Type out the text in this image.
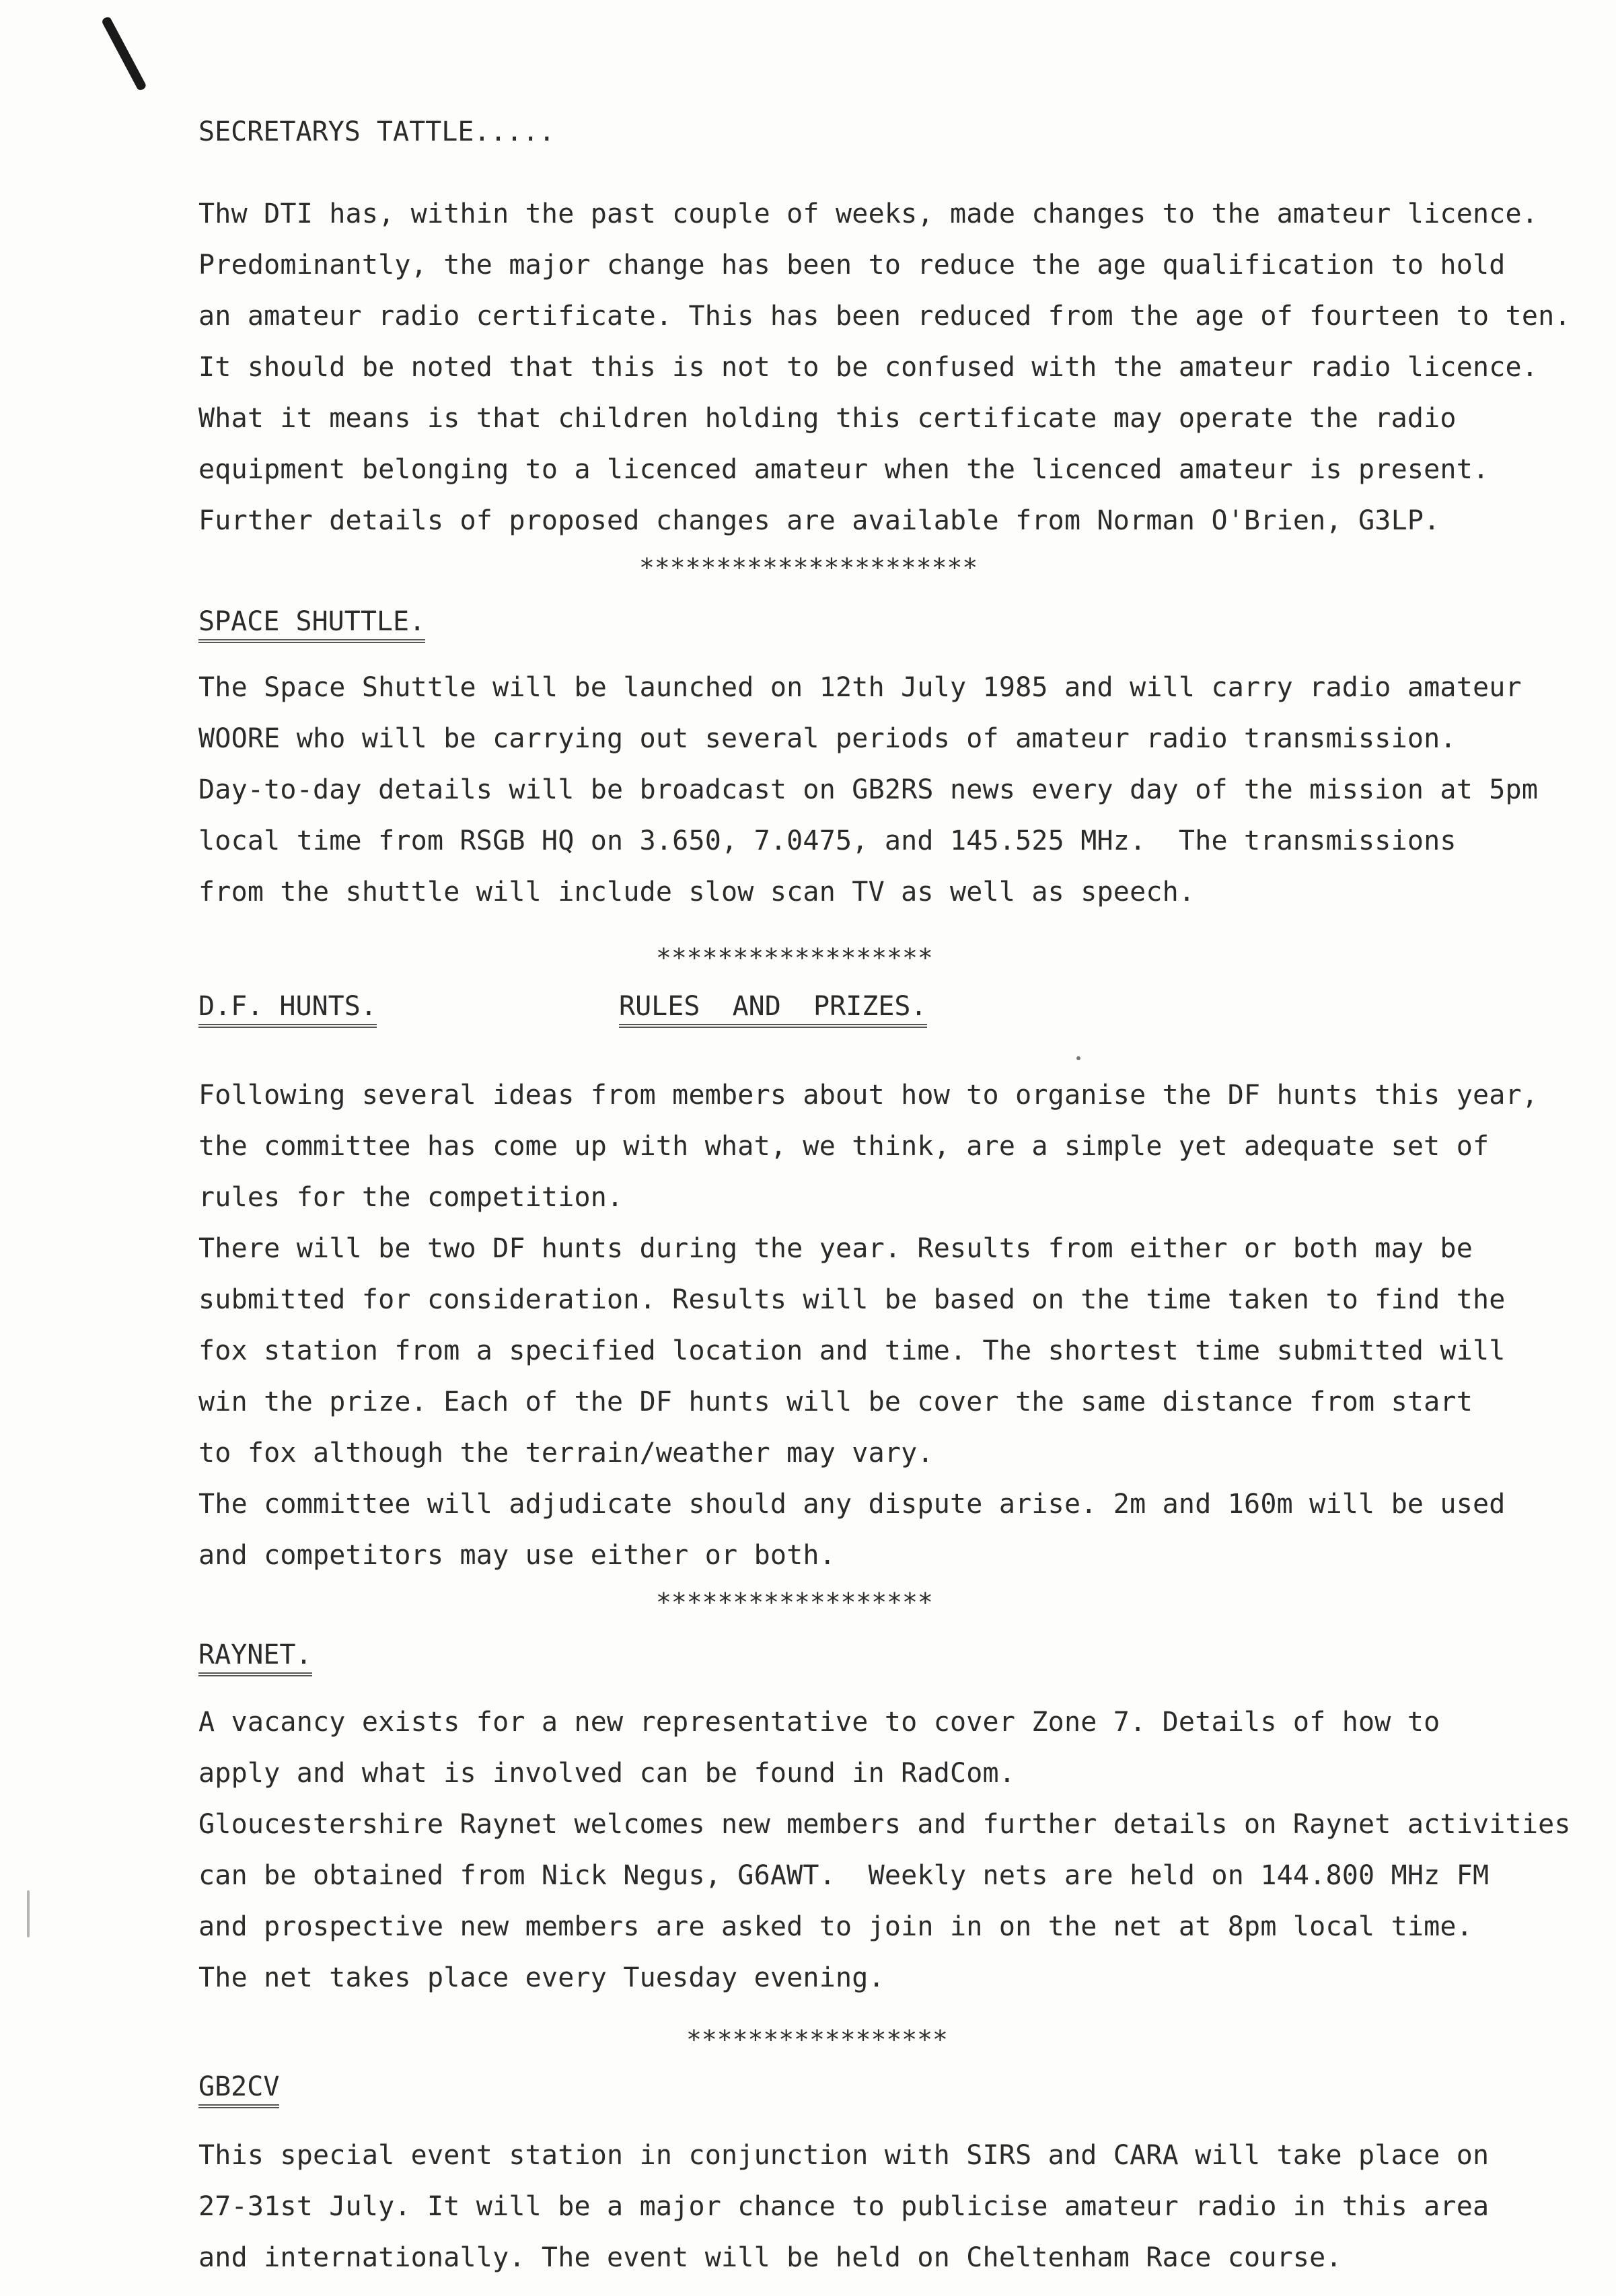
SECRETARYS TATTLE.....
Thw DTI has, within the past couple of weeks, made changes to the amateur licence.
Predominantly, the major change has been to reduce the age qualification to hold
an amateur radio certificate. This has been reduced from the age of fourteen to ten.
It should be noted that this is not to be confused with the amateur radio licence.
What it means is that children holding this certificate may operate the radio
equipment belonging to a licenced amateur when the licenced amateur is present.
Further details of proposed changes are available from Norman O'Brien, G3LP.
**********************
SPACE SHUTTLE.
The Space Shuttle will be launched on 12th July 1985 and will carry radio amateur
WOORE who will be carrying out several periods of amateur radio transmission.
Day-to-day details will be broadcast on GB2RS news every day of the mission at 5pm
local time from RSGB HQ on 3.650, 7.0475, and 145.525 MHz.  The transmissions
from the shuttle will include slow scan TV as well as speech.
******************
D.F. HUNTS.	RULES  AND  PRIZES.
Following several ideas from members about how to organise the DF hunts this year,
the committee has come up with what, we think, are a simple yet adequate set of
rules for the competition.
There will be two DF hunts during the year. Results from either or both may be
submitted for consideration. Results will be based on the time taken to find the
fox station from a specified location and time. The shortest time submitted will
win the prize. Each of the DF hunts will be cover the same distance from start
to fox although the terrain/weather may vary.
The committee will adjudicate should any dispute arise. 2m and 160m will be used
and competitors may use either or both.
******************
RAYNET.
A vacancy exists for a new representative to cover Zone 7. Details of how to
apply and what is involved can be found in RadCom.
Gloucestershire Raynet welcomes new members and further details on Raynet activities
can be obtained from Nick Negus, G6AWT.  Weekly nets are held on 144.800 MHz FM
and prospective new members are asked to join in on the net at 8pm local time.
The net takes place every Tuesday evening.
*****************
GB2CV
This special event station in conjunction with SIRS and CARA will take place on
27-31st July. It will be a major chance to publicise amateur radio in this area
and internationally. The event will be held on Cheltenham Race course.
